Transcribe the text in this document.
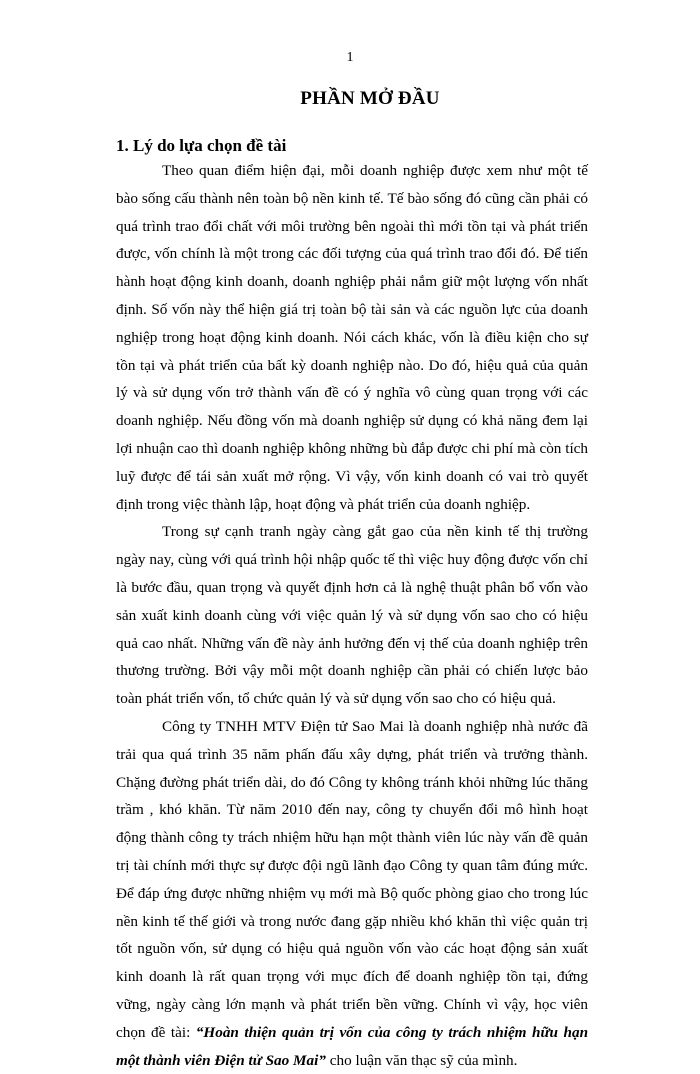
1
PHẦN MỞ ĐẦU
1. Lý do lựa chọn đề tài

Theo quan điểm hiện đại, mỗi doanh nghiệp được xem như một tế bào sống cấu thành nên toàn bộ nền kinh tế. Tế bào sống đó cũng cần phải có quá trình trao đổi chất với môi trường bên ngoài thì mới tồn tại và phát triển được, vốn chính là một trong các đối tượng của quá trình trao đổi đó. Để tiến hành hoạt động kinh doanh, doanh nghiệp phải nắm giữ một lượng vốn nhất định. Số vốn này thể hiện giá trị toàn bộ tài sản và các nguồn lực của doanh nghiệp trong hoạt động kinh doanh. Nói cách khác, vốn là điều kiện cho sự tồn tại và phát triển của bất kỳ doanh nghiệp nào. Do đó, hiệu quả của quản lý và sử dụng vốn trở thành vấn đề có ý nghĩa vô cùng quan trọng với các doanh nghiệp. Nếu đồng vốn mà doanh nghiệp sử dụng có khả năng đem lại lợi nhuận cao thì doanh nghiệp không những bù đắp được chi phí mà còn tích luỹ được để tái sản xuất mở rộng. Vì vậy, vốn kinh doanh có vai trò quyết định trong việc thành lập, hoạt động và phát triển của doanh nghiệp.

Trong sự cạnh tranh ngày càng gắt gao của nền kinh tế thị trường ngày nay, cùng với quá trình hội nhập quốc tế thì việc huy động được vốn chỉ là bước đầu, quan trọng và quyết định hơn cả là nghệ thuật phân bổ vốn vào sản xuất kinh doanh cùng với việc quản lý và sử dụng vốn sao cho có hiệu quả cao nhất. Những vấn đề này ảnh hưởng đến vị thế của doanh nghiệp trên thương trường. Bởi vậy mỗi một doanh nghiệp cần phải có chiến lược bảo toàn phát triển vốn, tổ chức quản lý và sử dụng vốn sao cho có hiệu quả.

Công ty TNHH MTV Điện tử Sao Mai là doanh nghiệp nhà nước đã trải qua quá trình 35 năm phấn đấu xây dựng, phát triển và trưởng thành. Chặng đường phát triển dài, do đó Công ty không tránh khỏi những lúc thăng trầm , khó khăn. Từ năm 2010 đến nay, công ty chuyển đổi mô hình hoạt động thành công ty trách nhiệm hữu hạn một thành viên lúc này vấn đề quản trị tài chính mới thực sự được đội ngũ lãnh đạo Công ty quan tâm đúng mức. Để đáp ứng được những nhiệm vụ mới mà Bộ quốc phòng giao cho trong lúc nền kinh tế thế giới và trong nước đang gặp nhiều khó khăn thì việc quản trị tốt nguồn vốn, sử dụng có hiệu quả nguồn vốn vào các hoạt động sản xuất kinh doanh là rất quan trọng với mục đích để doanh nghiệp tồn tại, đứng vững, ngày càng lớn mạnh và phát triển bền vững. Chính vì vậy, học viên chọn đề tài: “Hoàn thiện quản trị vốn của công ty trách nhiệm hữu hạn một thành viên Điện tử Sao Mai” cho luận văn thạc sỹ của mình.
